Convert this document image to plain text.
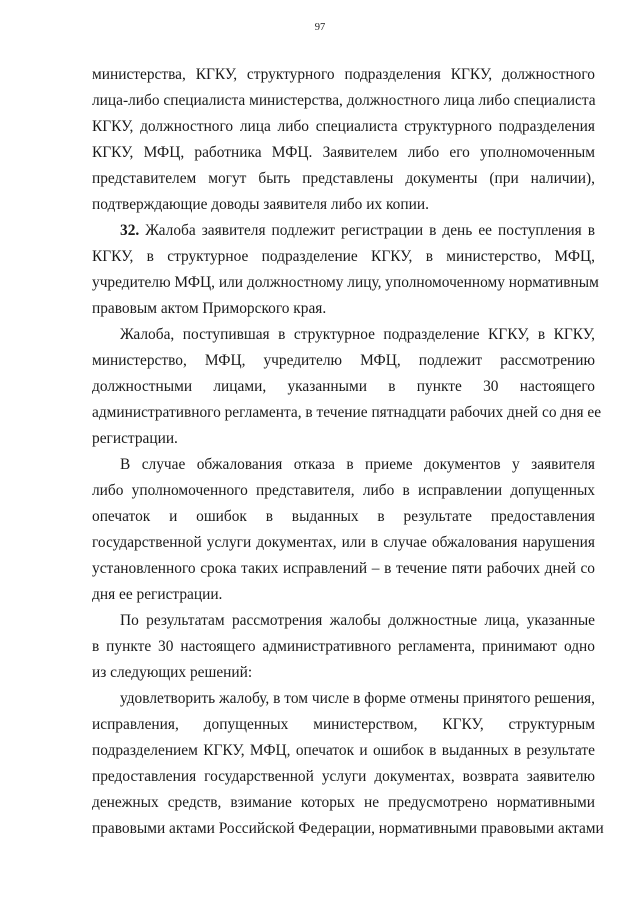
97
министерства, КГКУ, структурного подразделения КГКУ, должностного
лица-либо специалиста министерства, должностного лица либо специалиста
КГКУ, должностного лица либо специалиста структурного подразделения
КГКУ, МФЦ, работника МФЦ. Заявителем либо его уполномоченным
представителем могут быть представлены документы (при наличии),
подтверждающие доводы заявителя либо их копии.
32. Жалоба заявителя подлежит регистрации в день ее поступления в
КГКУ, в структурное подразделение КГКУ, в министерство, МФЦ,
учредителю МФЦ, или должностному лицу, уполномоченному нормативным
правовым актом Приморского края.
Жалоба, поступившая в структурное подразделение КГКУ, в КГКУ,
министерство, МФЦ, учредителю МФЦ, подлежит рассмотрению
должностными лицами, указанными в пункте 30 настоящего
административного регламента, в течение пятнадцати рабочих дней со дня ее
регистрации.
В случае обжалования отказа в приеме документов у заявителя
либо уполномоченного представителя, либо в исправлении допущенных
опечаток и ошибок в выданных в результате предоставления
государственной услуги документах, или в случае обжалования нарушения
установленного срока таких исправлений – в течение пяти рабочих дней со
дня ее регистрации.
По результатам рассмотрения жалобы должностные лица, указанные
в пункте 30 настоящего административного регламента, принимают одно
из следующих решений:
удовлетворить жалобу, в том числе в форме отмены принятого решения,
исправления, допущенных министерством, КГКУ, структурным
подразделением КГКУ, МФЦ, опечаток и ошибок в выданных в результате
предоставления государственной услуги документах, возврата заявителю
денежных средств, взимание которых не предусмотрено нормативными
правовыми актами Российской Федерации, нормативными правовыми актами
